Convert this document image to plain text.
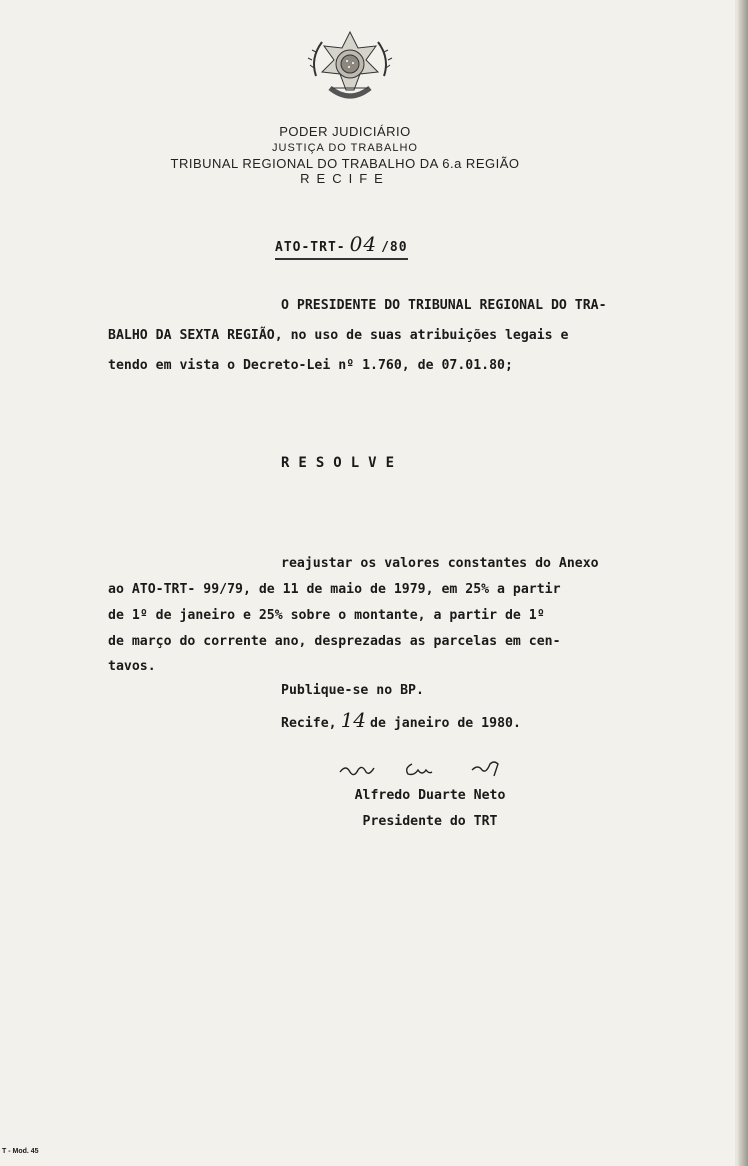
PODER JUDICIÁRIO
JUSTIÇA DO TRABALHO
TRIBUNAL REGIONAL DO TRABALHO DA 6.a REGIÃO
RECIFE
ATO-TRT- 04 /80
O PRESIDENTE DO TRIBUNAL REGIONAL DO TRA-
BALHO DA SEXTA REGIÃO, no uso de suas atribuições legais e
tendo em vista o Decreto-Lei nº 1.760, de 07.01.80;
RESOLVE
reajustar os valores constantes do Anexo
ao ATO-TRT- 99/79, de 11 de maio de 1979, em 25% a partir
de 1º de janeiro e 25% sobre o montante, a partir de 1º
de março do corrente ano, desprezadas as parcelas em cen-
tavos.
Publique-se no BP.
Recife, 14 de janeiro de 1980.
Alfredo Duarte Neto
Presidente do TRT
T - Mod. 45
